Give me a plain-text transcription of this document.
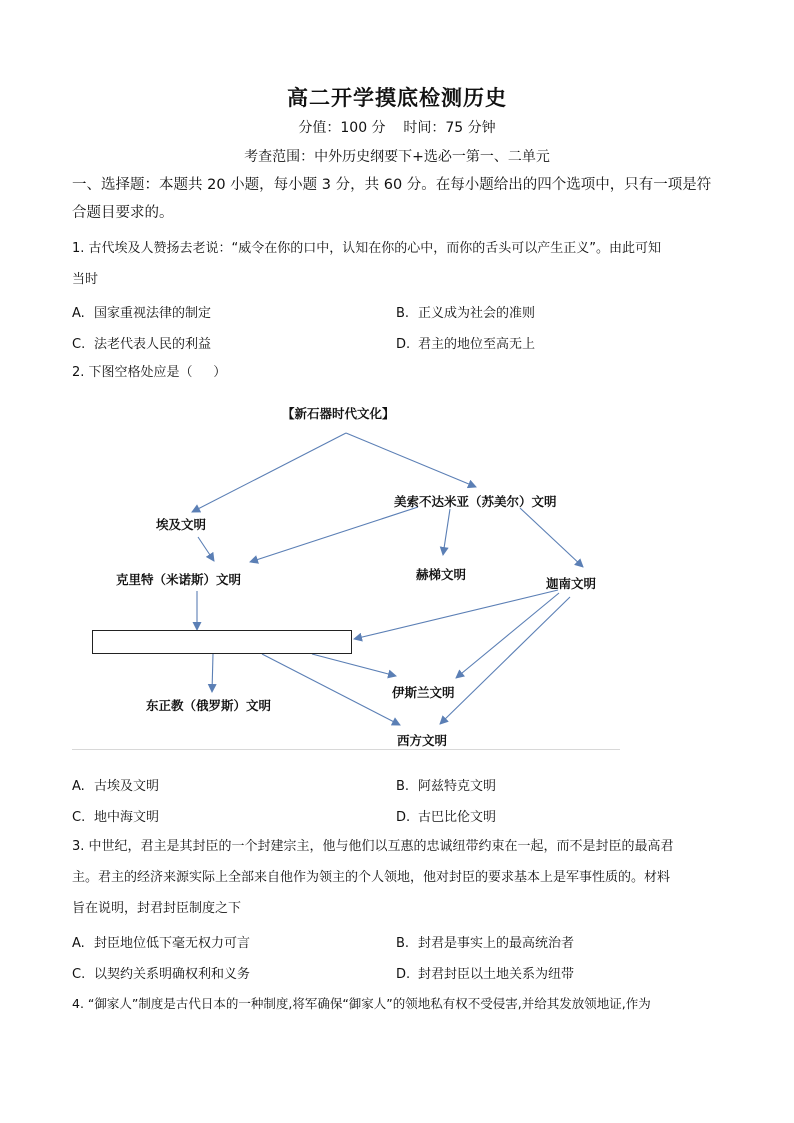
高二开学摸底检测历史
分值：100 分    时间：75 分钟
考查范围：中外历史纲要下+选必一第一、二单元
一、选择题：本题共 20 小题，每小题 3 分，共 60 分。在每小题给出的四个选项中，只有一项是符合题目要求的。
1. 古代埃及人赞扬去老说：“威令在你的口中，认知在你的心中，而你的舌头可以产生正义”。由此可知
当时
A. 国家重视法律的制定	B. 正义成为社会的准则
C. 法老代表人民的利益	D. 君主的地位至高无上
2. 下图空格处应是（     ）
【新石器时代文化】
美索不达米亚（苏美尔）文明
埃及文明
克里特（米诺斯）文明	赫梯文明
迦南文明
东正教（俄罗斯）文明
伊斯兰文明
西方文明
A. 古埃及文明	B. 阿兹特克文明
C. 地中海文明	D. 古巴比伦文明
3. 中世纪，君主是其封臣的一个封建宗主，他与他们以互惠的忠诚纽带约束在一起，而不是封臣的最高君
主。君主的经济来源实际上全部来自他作为领主的个人领地，他对封臣的要求基本上是军事性质的。材料
旨在说明，封君封臣制度之下
A. 封臣地位低下毫无权力可言	B. 封君是事实上的最高统治者
C. 以契约关系明确权利和义务	D. 封君封臣以土地关系为纽带
4. “御家人”制度是古代日本的一种制度,将军确保“御家人”的领地私有权不受侵害,并给其发放领地证,作为
